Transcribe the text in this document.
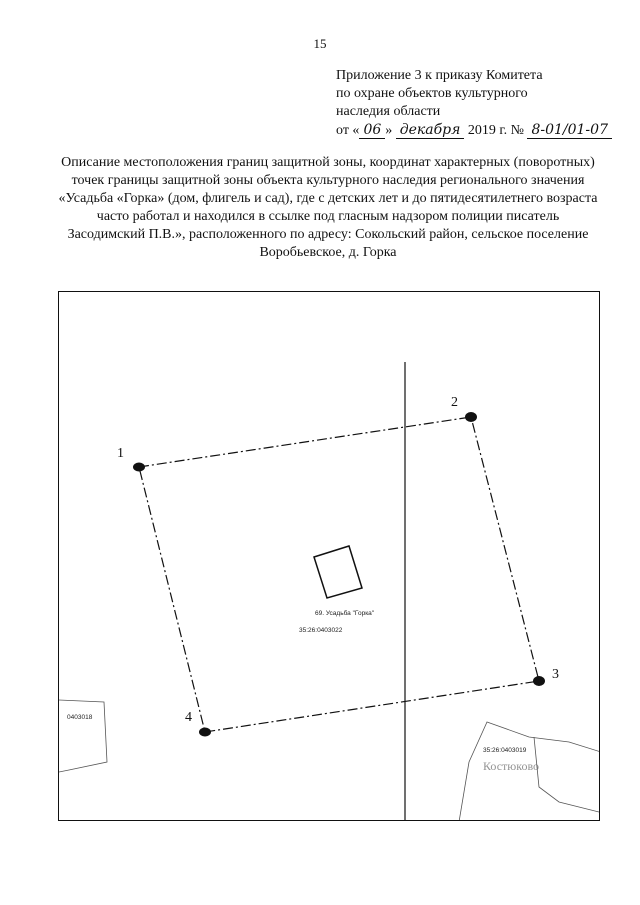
15
Приложение 3 к приказу Комитета
по охране объектов культурного
наследия области
от « 06 » декабря 2019 г. № 8-01/01-07
Описание местоположения границ защитной зоны, координат характерных (поворотных) точек границы защитной зоны объекта культурного наследия регионального значения «Усадьба «Горка» (дом, флигель и сад), где с детских лет и до пятидесятилетнего возраста часто работал и находился в ссылке под гласным надзором полиции писатель Засодимский П.В.», расположенного по адресу: Сокольский район, сельское поселение Воробьевское, д. Горка
1
2
3
4
69. Усадьба "Горка"
35:26:0403022
0403018
35:26:0403019
Костюково
